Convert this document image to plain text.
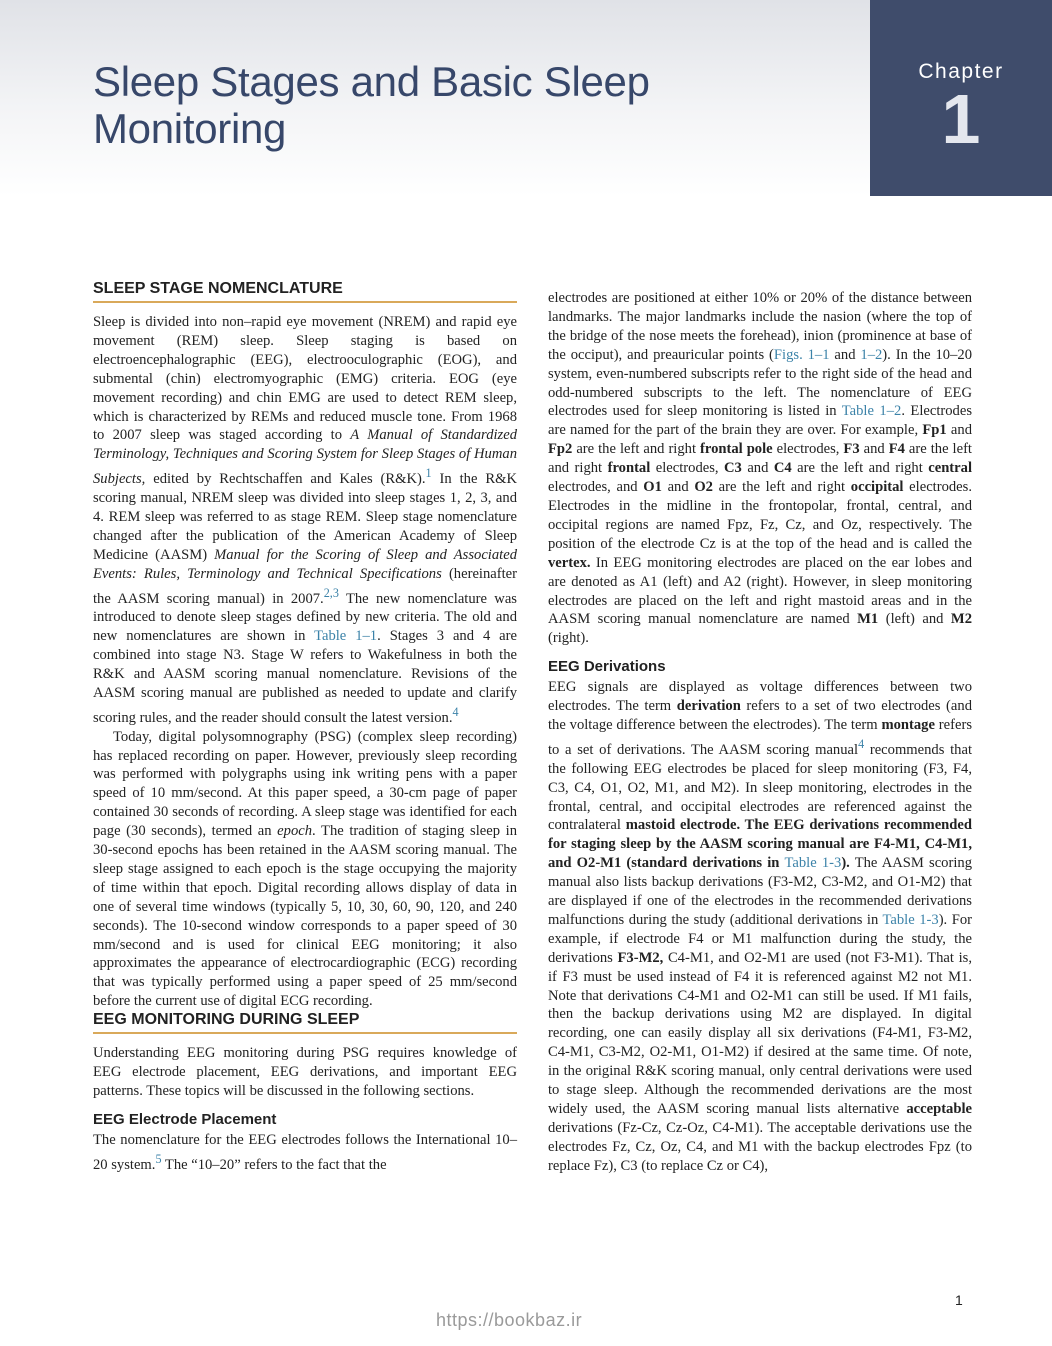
Sleep Stages and Basic Sleep Monitoring
Chapter
1
SLEEP STAGE NOMENCLATURE

Sleep is divided into non–rapid eye movement (NREM) and rapid eye movement (REM) sleep. Sleep staging is based on electroencephalographic (EEG), electrooculographic (EOG), and submental (chin) electromyographic (EMG) criteria. EOG (eye movement recording) and chin EMG are used to detect REM sleep, which is characterized by REMs and reduced muscle tone. From 1968 to 2007 sleep was staged according to A Manual of Standardized Terminology, Techniques and Scoring System for Sleep Stages of Human Subjects, edited by Rechtschaffen and Kales (R&K).$^1$ In the R&K scoring manual, NREM sleep was divided into sleep stages 1, 2, 3, and 4. REM sleep was referred to as stage REM. Sleep stage nomenclature changed after the publication of the American Academy of Sleep Medicine (AASM) Manual for the Scoring of Sleep and Associated Events: Rules, Terminology and Technical Specifications (hereinafter the AASM scoring manual) in 2007.$^{2,3}$ The new nomenclature was introduced to denote sleep stages defined by new criteria. The old and new nomenclatures are shown in Table 1–1. Stages 3 and 4 are combined into stage N3. Stage W refers to Wakefulness in both the R&K and AASM scoring manual nomenclature. Revisions of the AASM scoring manual are published as needed to update and clarify scoring rules, and the reader should consult the latest version.$^4$

Today, digital polysomnography (PSG) (complex sleep recording) has replaced recording on paper. However, previously sleep recording was performed with polygraphs using ink writing pens with a paper speed of 10 mm/second. At this paper speed, a 30-cm page of paper contained 30 seconds of recording. A sleep stage was identified for each page (30 seconds), termed an epoch. The tradition of staging sleep in 30-second epochs has been retained in the AASM scoring manual. The sleep stage assigned to each epoch is the stage occupying the majority of time within that epoch. Digital recording allows display of data in one of several time windows (typically 5, 10, 30, 60, 90, 120, and 240 seconds). The 10-second window corresponds to a paper speed of 30 mm/second and is used for clinical EEG monitoring; it also approximates the appearance of electrocardiographic (ECG) recording that was typically performed using a paper speed of 25 mm/second before the current use of digital ECG recording.

EEG MONITORING DURING SLEEP

Understanding EEG monitoring during PSG requires knowledge of EEG electrode placement, EEG derivations, and important EEG patterns. These topics will be discussed in the following sections.

EEG Electrode Placement

The nomenclature for the EEG electrodes follows the International 10–20 system.$^5$ The “10–20” refers to the fact that the

electrodes are positioned at either 10% or 20% of the distance between landmarks. The major landmarks include the nasion (where the top of the bridge of the nose meets the forehead), inion (prominence at base of the occiput), and preauricular points (Figs. 1–1 and 1–2). In the 10–20 system, even-numbered subscripts refer to the right side of the head and odd-numbered subscripts to the left. The nomenclature of EEG electrodes used for sleep monitoring is listed in Table 1–2. Electrodes are named for the part of the brain they are over. For example, Fp1 and Fp2 are the left and right frontal pole electrodes, F3 and F4 are the left and right frontal electrodes, C3 and C4 are the left and right central electrodes, and O1 and O2 are the left and right occipital electrodes. Electrodes in the midline in the frontopolar, frontal, central, and occipital regions are named Fpz, Fz, Cz, and Oz, respectively. The position of the electrode Cz is at the top of the head and is called the vertex. In EEG monitoring electrodes are placed on the ear lobes and are denoted as A1 (left) and A2 (right). However, in sleep monitoring electrodes are placed on the left and right mastoid areas and in the AASM scoring manual nomenclature are named M1 (left) and M2 (right).

EEG Derivations

EEG signals are displayed as voltage differences between two electrodes. The term derivation refers to a set of two electrodes (and the voltage difference between the electrodes). The term montage refers to a set of derivations. The AASM scoring manual$^4$ recommends that the following EEG electrodes be placed for sleep monitoring (F3, F4, C3, C4, O1, O2, M1, and M2). In sleep monitoring, electrodes in the frontal, central, and occipital electrodes are referenced against the contralateral mastoid electrode. The EEG derivations recommended for staging sleep by the AASM scoring manual are F4-M1, C4-M1, and O2-M1 (standard derivations in Table 1-3). The AASM scoring manual also lists backup derivations (F3-M2, C3-M2, and O1-M2) that are displayed if one of the electrodes in the recommended derivations malfunctions during the study (additional derivations in Table 1-3). For example, if electrode F4 or M1 malfunction during the study, the derivations F3-M2, C4-M1, and O2-M1 are used (not F3-M1). That is, if F3 must be used instead of F4 it is referenced against M2 not M1. Note that derivations C4-M1 and O2-M1 can still be used. If M1 fails, then the backup derivations using M2 are displayed. In digital recording, one can easily display all six derivations (F4-M1, F3-M2, C4-M1, C3-M2, O2-M1, O1-M2) if desired at the same time. Of note, in the original R&K scoring manual, only central derivations were used to stage sleep. Although the recommended derivations are the most widely used, the AASM scoring manual lists alternative acceptable derivations (Fz-Cz, Cz-Oz, C4-M1). The acceptable derivations use the electrodes Fz, Cz, Oz, C4, and M1 with the backup electrodes Fpz (to replace Fz), C3 (to replace Cz or C4),

1
https://bookbaz.ir
